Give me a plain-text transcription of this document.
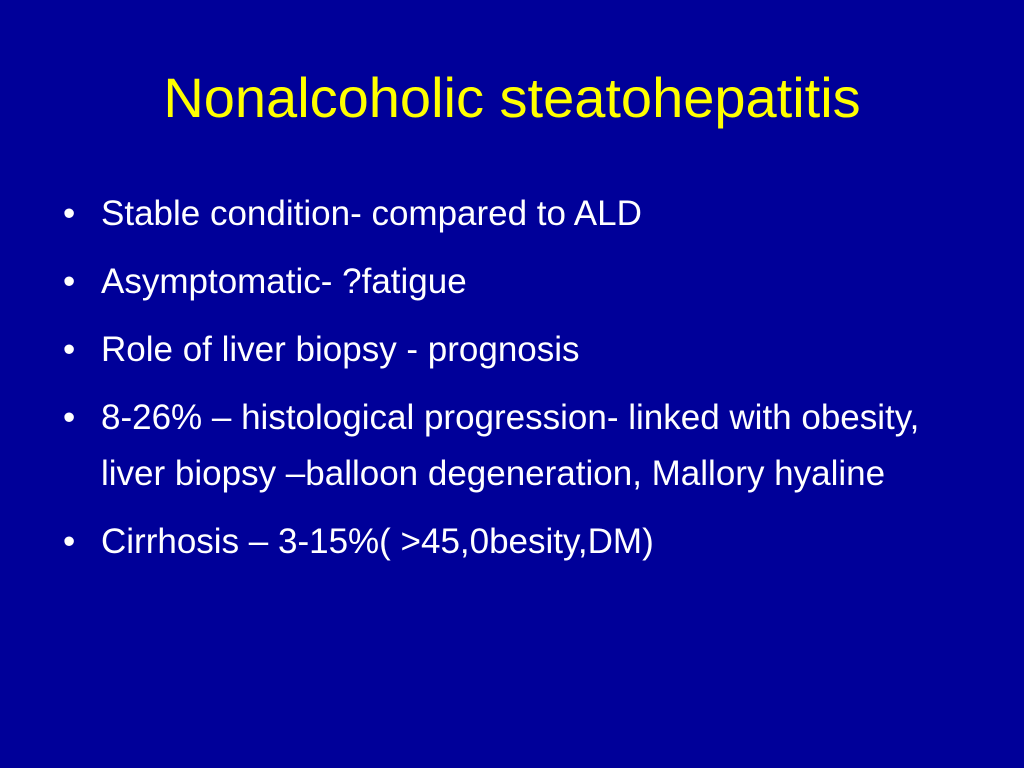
Nonalcoholic steatohepatitis
• Stable condition- compared to ALD
• Asymptomatic- ?fatigue
• Role of liver biopsy - prognosis
• 8-26% – histological progression- linked with obesity, liver biopsy –balloon degeneration, Mallory hyaline
• Cirrhosis – 3-15%( >45,0besity,DM)
